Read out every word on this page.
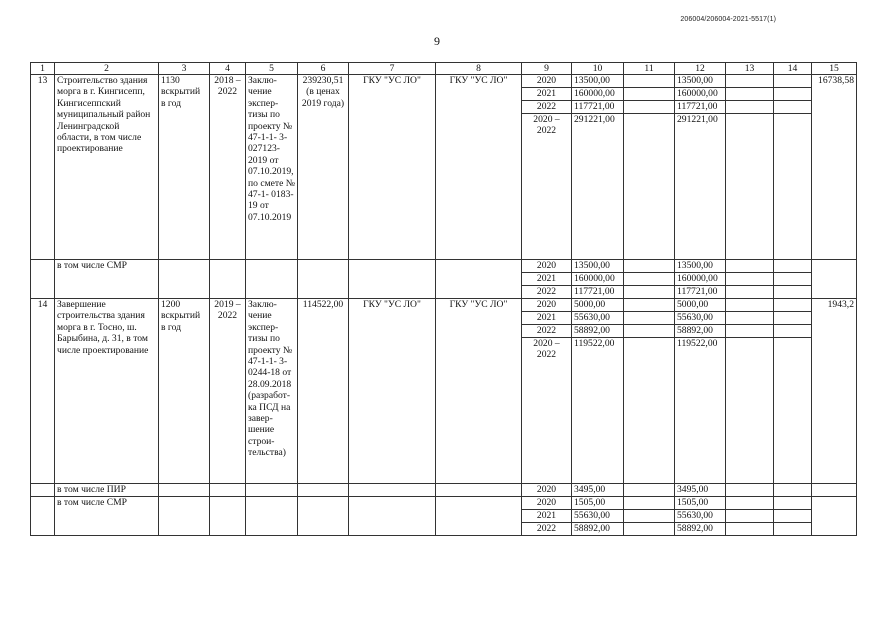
206004/206004-2021-5517(1)
9
1	2	3	4	5	6	7	8	9	10	11	12	13	14	15
13	Строительство здания морга в г. Кингисепп, Кингисеппский муниципальный район Ленинградской области, в том числе проектирование	1130 вскрытий в год	2018 – 2022	Заклю- чение экспер- тизы по проекту № 47-1-1- 3-027123- 2019 от 07.10.2019, по смете № 47-1- 0183-19 от 07.10.2019	239230,51 (в ценах 2019 года)	ГКУ "УС ЛО"	ГКУ "УС ЛО"	2020	13500,00		13500,00			16738,58
								2021	160000,00		160000,00			
								2022	117721,00		117721,00			
								2020 – 2022	291221,00		291221,00			
	в том числе СМР							2020	13500,00		13500,00			
								2021	160000,00		160000,00			
								2022	117721,00		117721,00			
14	Завершение строительства здания морга в г. Тосно, ш. Барыбина, д. 31, в том числе проектирование	1200 вскрытий в год	2019 – 2022	Заклю- чение экспер- тизы по проекту № 47-1-1- 3-0244-18 от 28.09.2018 (разработ- ка ПСД на завер- шение строи- тельства)	114522,00	ГКУ "УС ЛО"	ГКУ "УС ЛО"	2020	5000,00		5000,00			1943,2
								2021	55630,00		55630,00			
								2022	58892,00		58892,00			
								2020 – 2022	119522,00		119522,00			
	в том числе ПИР							2020	3495,00		3495,00			
	в том числе СМР							2020	1505,00		1505,00			
								2021	55630,00		55630,00			
								2022	58892,00		58892,00			
